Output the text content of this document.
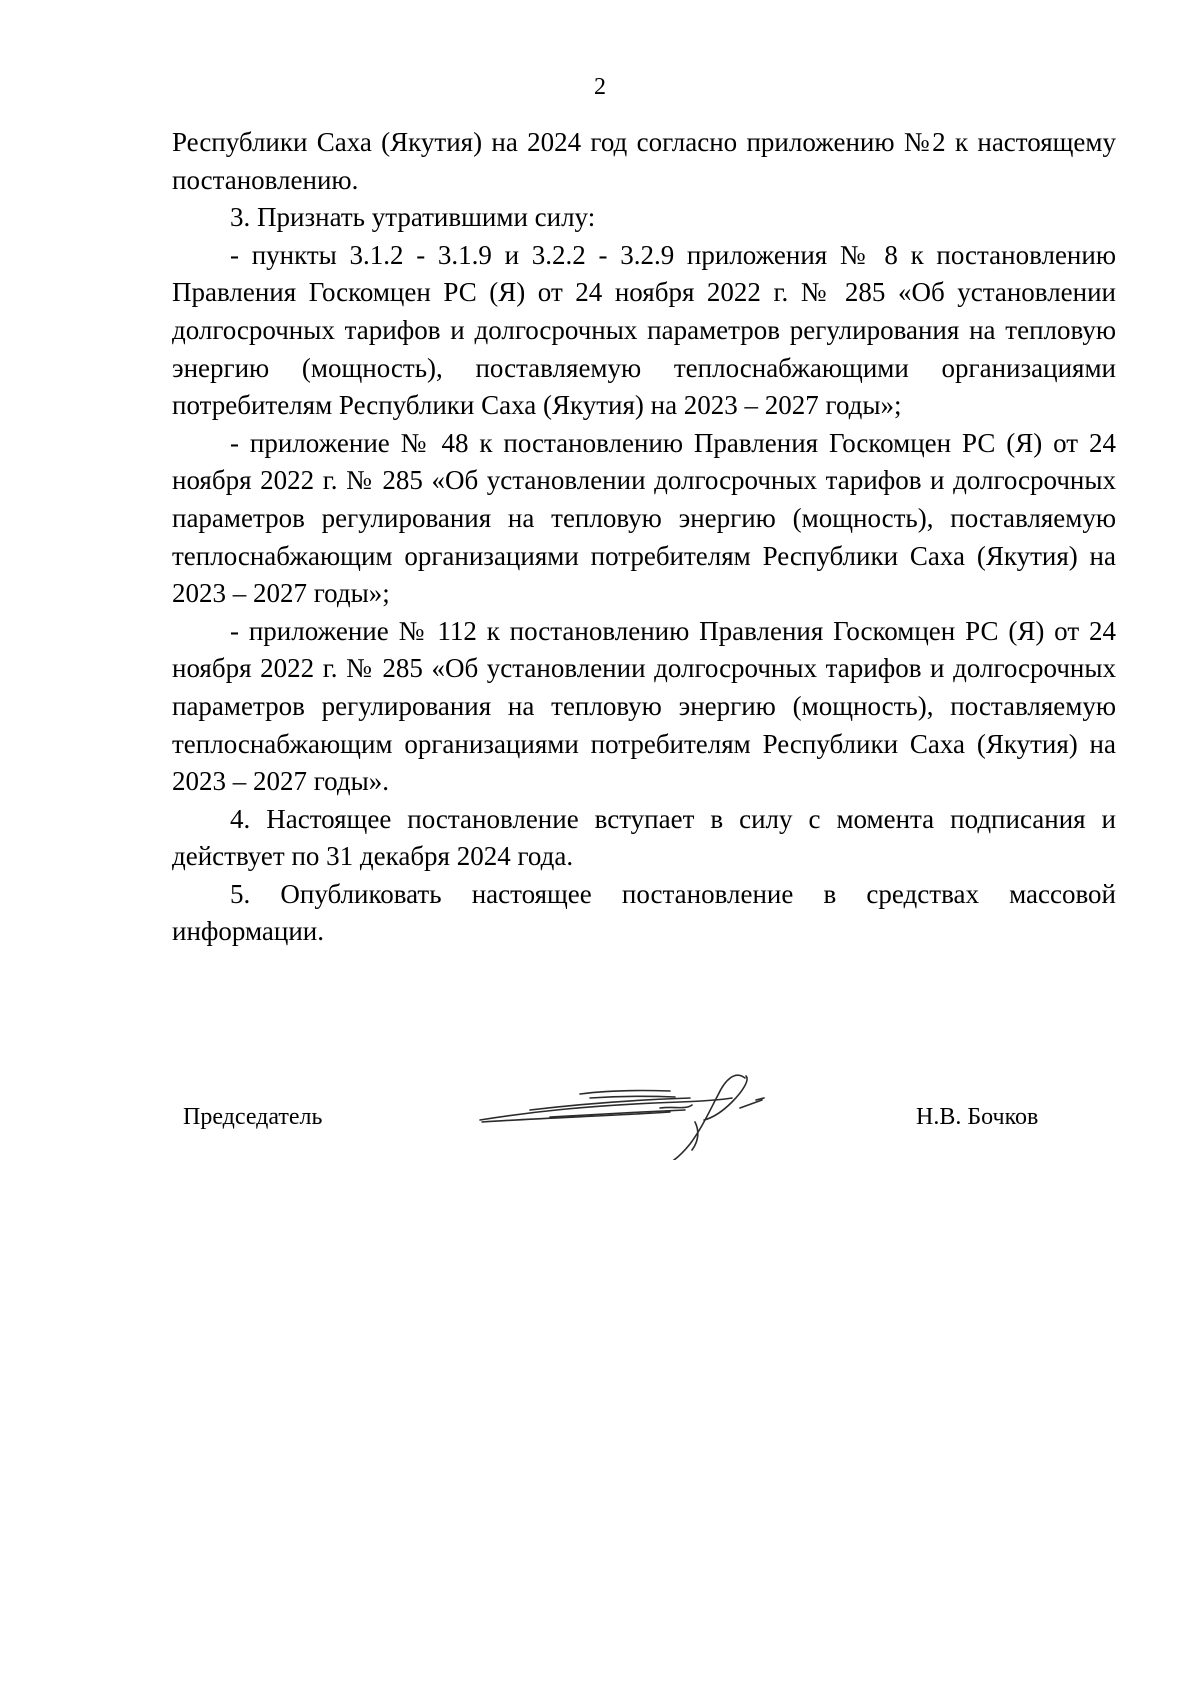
2

Республики Саха (Якутия) на 2024 год согласно приложению №2 к настоящему постановлению.

3. Признать утратившими силу:

- пункты 3.1.2 - 3.1.9 и 3.2.2 - 3.2.9 приложения № 8 к постановлению Правления Госкомцен РС (Я) от 24 ноября 2022 г. № 285 «Об установлении долгосрочных тарифов и долгосрочных параметров регулирования на тепловую энергию (мощность), поставляемую теплоснабжающими организациями потребителям Республики Саха (Якутия) на 2023 – 2027 годы»;

- приложение № 48 к постановлению Правления Госкомцен РС (Я) от 24 ноября 2022 г. № 285 «Об установлении долгосрочных тарифов и долгосрочных параметров регулирования на тепловую энергию (мощность), поставляемую теплоснабжающим организациями потребителям Республики Саха (Якутия) на 2023 – 2027 годы»;

- приложение № 112 к постановлению Правления Госкомцен РС (Я) от 24 ноября 2022 г. № 285 «Об установлении долгосрочных тарифов и долгосрочных параметров регулирования на тепловую энергию (мощность), поставляемую теплоснабжающим организациями потребителям Республики Саха (Якутия) на 2023 – 2027 годы».

4. Настоящее постановление вступает в силу с момента подписания и действует по 31 декабря 2024 года.

5. Опубликовать настоящее постановление в средствах массовой информации.

Председатель	Н.В. Бочков
